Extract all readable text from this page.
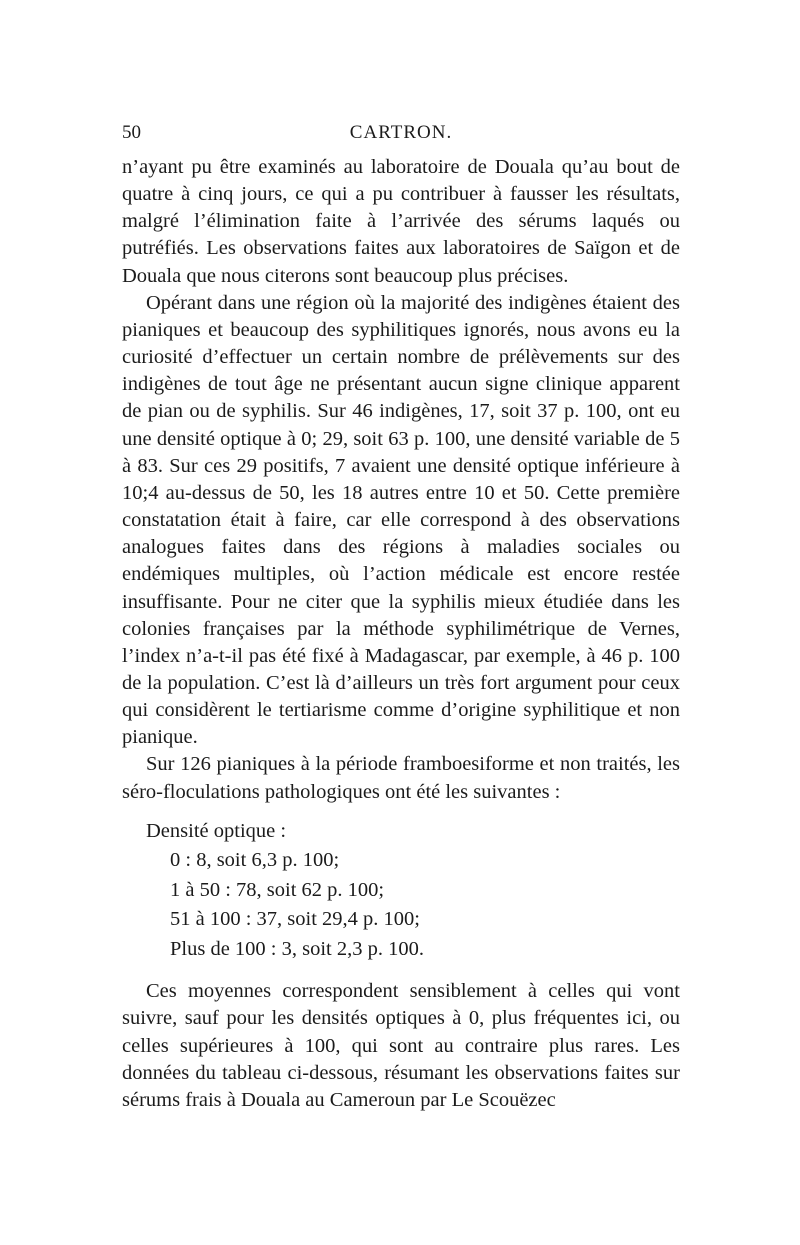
50	CARTRON.

n’ayant pu être examinés au laboratoire de Douala qu’au bout de quatre à cinq jours, ce qui a pu contribuer à fausser les résultats, malgré l’élimination faite à l’arrivée des sérums laqués ou putréfiés. Les observations faites aux laboratoires de Saïgon et de Douala que nous citerons sont beaucoup plus précises.

Opérant dans une région où la majorité des indigènes étaient des pianiques et beaucoup des syphilitiques ignorés, nous avons eu la curiosité d’effectuer un certain nombre de prélèvements sur des indigènes de tout âge ne présentant aucun signe clinique apparent de pian ou de syphilis. Sur 46 indigènes, 17, soit 37 p. 100, ont eu une densité optique à 0; 29, soit 63 p. 100, une densité variable de 5 à 83. Sur ces 29 positifs, 7 avaient une densité optique inférieure à 10;4 au-dessus de 50, les 18 autres entre 10 et 50. Cette première constatation était à faire, car elle correspond à des observations analogues faites dans des régions à maladies sociales ou endémiques multiples, où l’action médicale est encore restée insuffisante. Pour ne citer que la syphilis mieux étudiée dans les colonies françaises par la méthode syphilimétrique de Vernes, l’index n’a-t-il pas été fixé à Madagascar, par exemple, à 46 p. 100 de la population. C’est là d’ailleurs un très fort argument pour ceux qui considèrent le tertiarisme comme d’origine syphilitique et non pianique.

Sur 126 pianiques à la période framboesiforme et non traités, les séro-floculations pathologiques ont été les suivantes :

Densité optique :
0 : 8, soit 6,3 p. 100;
1 à 50 : 78, soit 62 p. 100;
51 à 100 : 37, soit 29,4 p. 100;
Plus de 100 : 3, soit 2,3 p. 100.

Ces moyennes correspondent sensiblement à celles qui vont suivre, sauf pour les densités optiques à 0, plus fréquentes ici, ou celles supérieures à 100, qui sont au contraire plus rares. Les données du tableau ci-dessous, résumant les observations faites sur sérums frais à Douala au Cameroun par Le Scouëzec
